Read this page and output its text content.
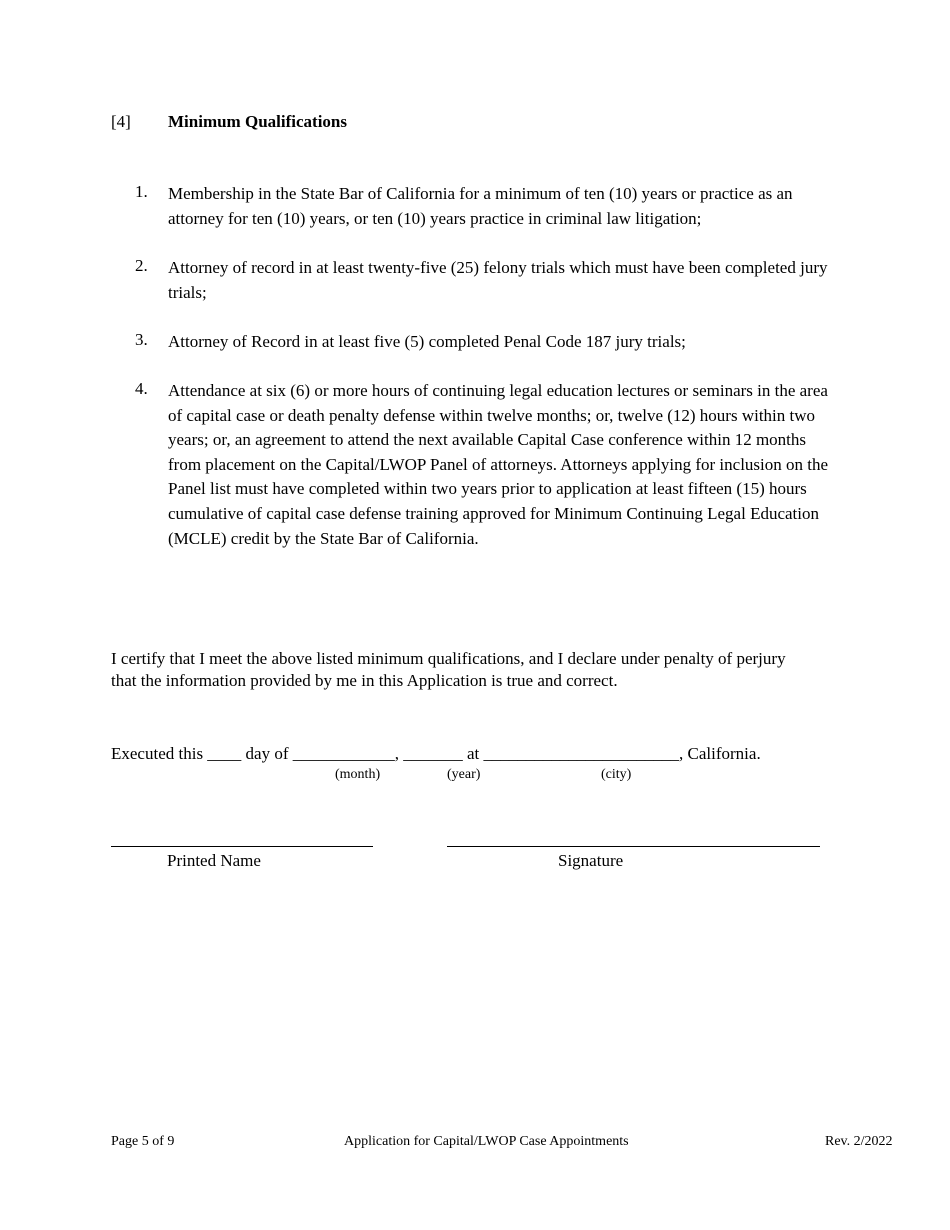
[4] Minimum Qualifications
1. Membership in the State Bar of California for a minimum of ten (10) years or practice as an attorney for ten (10) years, or ten (10) years practice in criminal law litigation;
2. Attorney of record in at least twenty-five (25) felony trials which must have been completed jury trials;
3. Attorney of Record in at least five (5) completed Penal Code 187 jury trials;
4. Attendance at six (6) or more hours of continuing legal education lectures or seminars in the area of capital case or death penalty defense within twelve months; or, twelve (12) hours within two years; or, an agreement to attend the next available Capital Case conference within 12 months from placement on the Capital/LWOP Panel of attorneys. Attorneys applying for inclusion on the Panel list must have completed within two years prior to application at least fifteen (15) hours cumulative of capital case defense training approved for Minimum Continuing Legal Education (MCLE) credit by the State Bar of California.
I certify that I meet the above listed minimum qualifications, and I declare under penalty of perjury that the information provided by me in this Application is true and correct.
Executed this ____ day of ____________, _______ at _______________________, California.
(month)	(year)	(city)
Printed Name	Signature
Page 5 of 9	Application for Capital/LWOP Case Appointments	Rev. 2/2022
